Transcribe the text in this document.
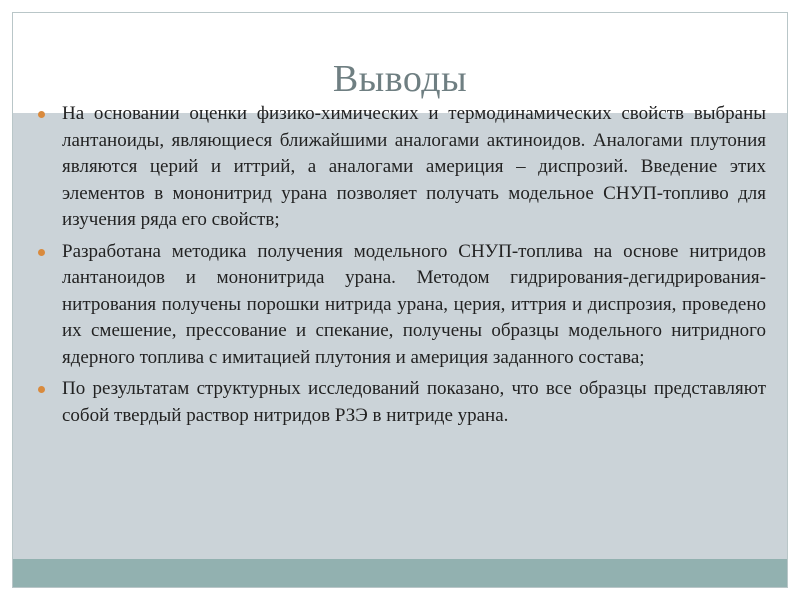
Выводы
На основании оценки физико-химических и термодинамических свойств выбраны лантаноиды, являющиеся ближайшими аналогами актиноидов. Аналогами плутония являются церий и иттрий, а аналогами америция – диспрозий. Введение этих элементов в мононитрид урана позволяет получать модельное СНУП-топливо для изучения ряда его свойств;
Разработана методика получения модельного СНУП-топлива на основе нитридов лантаноидов и мононитрида урана. Методом гидрирования-дегидрирования-нитрования получены порошки нитрида урана, церия, иттрия и диспрозия, проведено их смешение, прессование и спекание, получены образцы модельного нитридного ядерного топлива с имитацией плутония и америция заданного состава;
По результатам структурных исследований показано, что все образцы представляют собой твердый раствор нитридов РЗЭ в нитриде урана.
